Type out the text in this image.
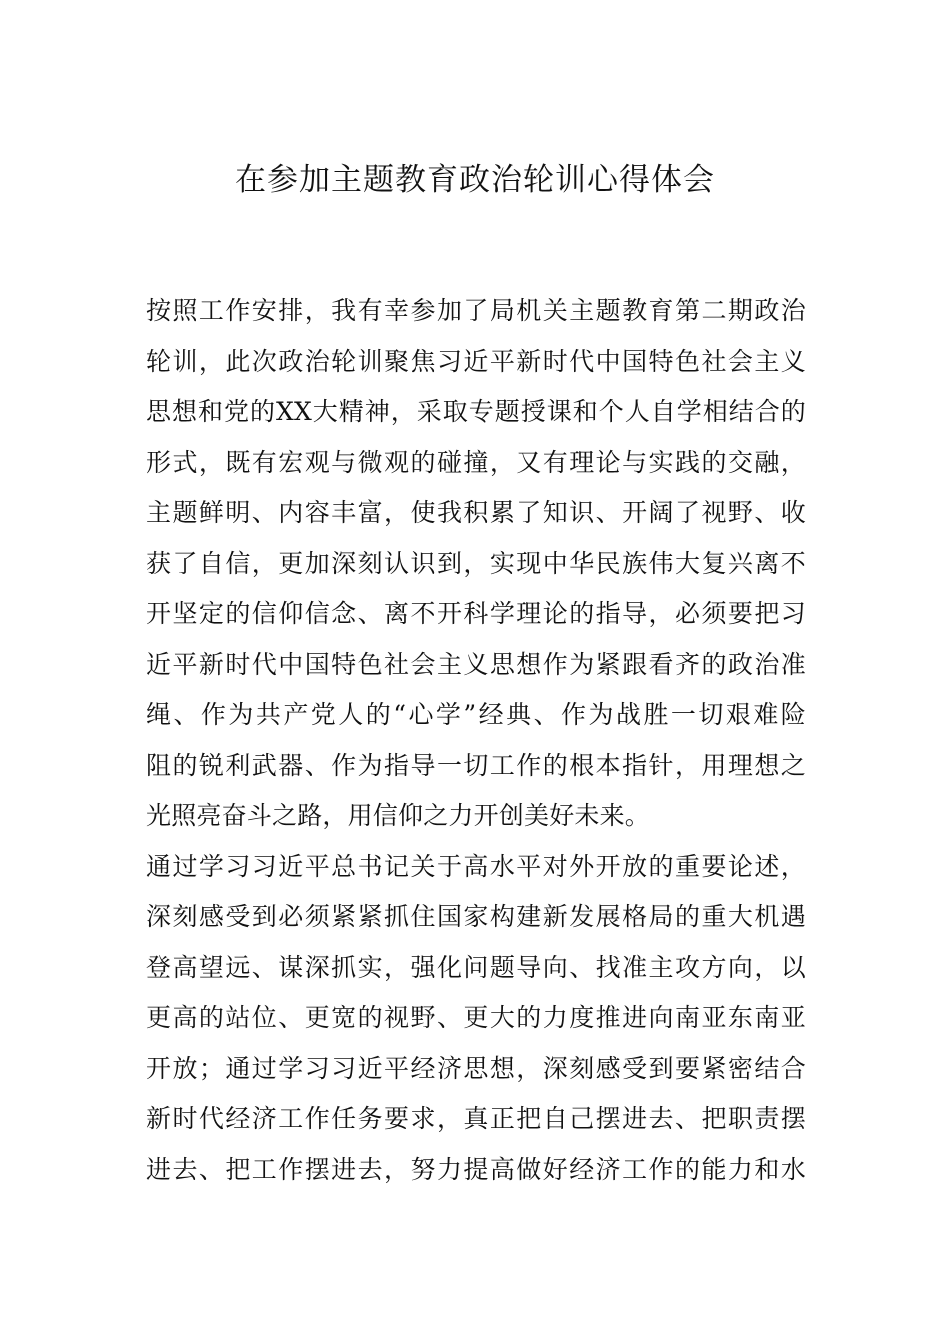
在参加主题教育政治轮训心得体会
按照工作安排，我有幸参加了局机关主题教育第二期政治
轮训，此次政治轮训聚焦习近平新时代中国特色社会主义
思想和党的XX大精神，采取专题授课和个人自学相结合的
形式，既有宏观与微观的碰撞，又有理论与实践的交融，
主题鲜明、内容丰富，使我积累了知识、开阔了视野、收
获了自信，更加深刻认识到，实现中华民族伟大复兴离不
开坚定的信仰信念、离不开科学理论的指导，必须要把习
近平新时代中国特色社会主义思想作为紧跟看齐的政治准
绳、作为共产党人的“心学”经典、作为战胜一切艰难险
阻的锐利武器、作为指导一切工作的根本指针，用理想之
光照亮奋斗之路，用信仰之力开创美好未来。
通过学习习近平总书记关于高水平对外开放的重要论述，
深刻感受到必须紧紧抓住国家构建新发展格局的重大机遇
登高望远、谋深抓实，强化问题导向、找准主攻方向，以
更高的站位、更宽的视野、更大的力度推进向南亚东南亚
开放；通过学习习近平经济思想，深刻感受到要紧密结合
新时代经济工作任务要求，真正把自己摆进去、把职责摆
进去、把工作摆进去，努力提高做好经济工作的能力和水
